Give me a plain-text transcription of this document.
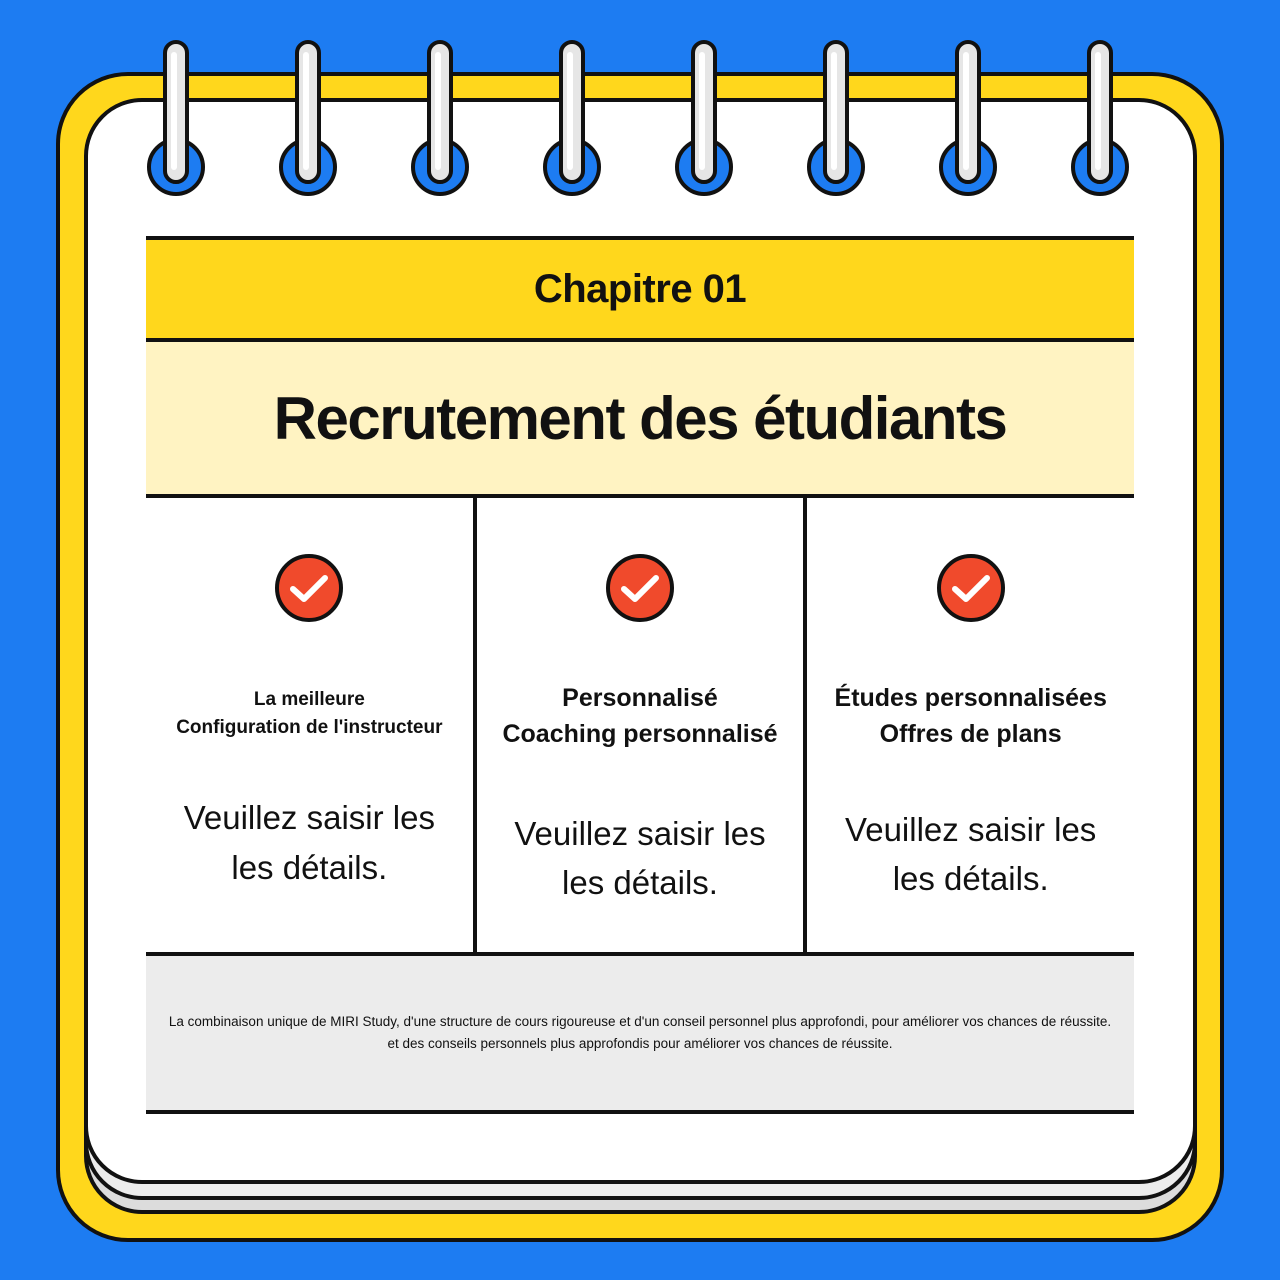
Chapitre 01
Recrutement des étudiants
La meilleure
Configuration de l'instructeur
Veuillez saisir les
les détails.
Personnalisé
Coaching personnalisé
Veuillez saisir les
les détails.
Études personnalisées
Offres de plans
Veuillez saisir les
les détails.
La combinaison unique de MIRI Study, d'une structure de cours rigoureuse et d'un conseil personnel plus approfondi, pour améliorer vos chances de réussite.
et des conseils personnels plus approfondis pour améliorer vos chances de réussite.
